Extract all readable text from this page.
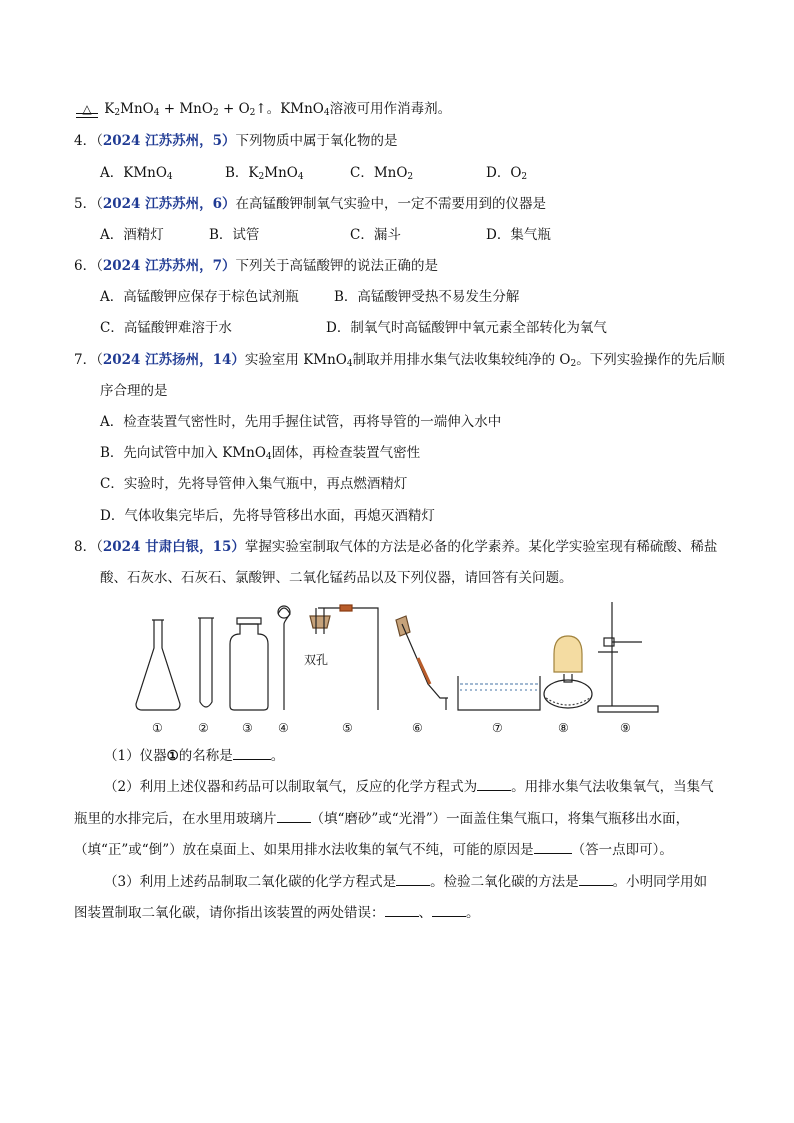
△ $K_2MnO_4 + MnO_2$ + $O_2↑$。KMnO$_4$溶液可用作消毒剂。
4．（2024 江苏苏州，5）下列物质中属于氧化物的是
A．KMnO$_4$	B．$K_2MnO_4$	C．MnO$_2$	D．$O_2$
5．（2024 江苏苏州，6）在高锰酸钾制氧气实验中，一定不需要用到的仪器是
A．酒精灯	B．试管	C．漏斗	D．集气瓶
6．（2024 江苏苏州，7）下列关于高锰酸钾的说法正确的是
A．高锰酸钾应保存于棕色试剂瓶	B．高锰酸钾受热不易发生分解
C．高锰酸钾难溶于水	D．制氧气时高锰酸钾中氧元素全部转化为氧气
7．（2024 江苏扬州，14）实验室用 KMnO$_4$制取并用排水集气法收集较纯净的 $O_2$。下列实验操作的先后顺
序合理的是
A．检查装置气密性时，先用手握住试管，再将导管的一端伸入水中
B．先向试管中加入 KMnO$_4$固体，再检查装置气密性
C．实验时，先将导管伸入集气瓶中，再点燃酒精灯
D．气体收集完毕后，先将导管移出水面，再熄灭酒精灯
8．（2024 甘肃白银，15）掌握实验室制取气体的方法是必备的化学素养。某化学实验室现有稀硫酸、稀盐
酸、石灰水、石灰石、氯酸钾、二氧化锰药品以及下列仪器，请回答有关问题。
双孔
①	②	③ ④	⑤	⑥	⑦	⑧	⑨
（1）仪器①的名称是	。
（2）利用上述仪器和药品可以制取氧气，反应的化学方程式为	。用排水集气法收集氧气，当集气
瓶里的水排完后，在水里用玻璃片	（填“磨砂”或“光滑”）一面盖住集气瓶口，将集气瓶移出水面，
（填“正”或“倒”）放在桌面上、如果用排水法收集的氧气不纯，可能的原因是	（答一点即可）。
（3）利用上述药品制取二氧化碳的化学方程式是	。检验二氧化碳的方法是	。小明同学用如
图装置制取二氧化碳，请你指出该装置的两处错误：	、	。
